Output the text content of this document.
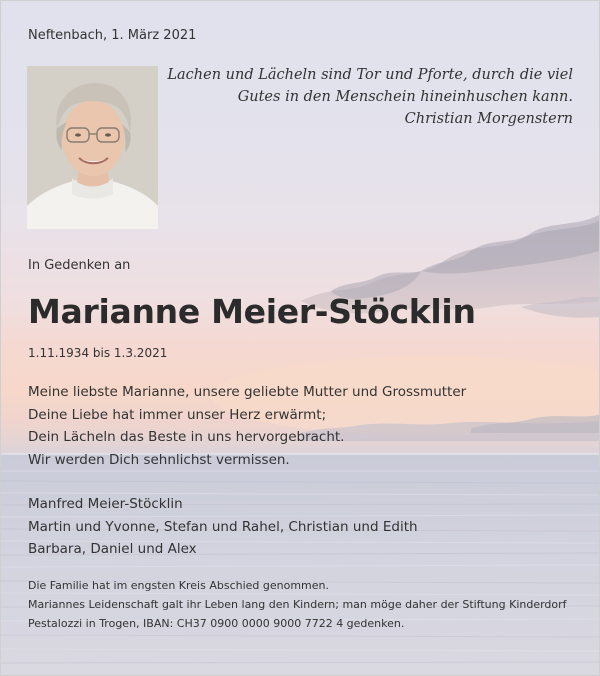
Neftenbach, 1. März 2021

Lachen und Lächeln sind Tor und Pforte, durch die viel
Gutes in den Menschein hineinhuschen kann.
Christian Morgenstern

In Gedenken an

Marianne Meier-Stöcklin

1.11.1934 bis 1.3.2021

Meine liebste Marianne, unsere geliebte Mutter und Grossmutter
Deine Liebe hat immer unser Herz erwärmt;
Dein Lächeln das Beste in uns hervorgebracht.
Wir werden Dich sehnlichst vermissen.
Manfred Meier-Stöcklin
Martin und Yvonne, Stefan und Rahel, Christian und Edith
Barbara, Daniel und Alex
Die Familie hat im engsten Kreis Abschied genommen.
Mariannes Leidenschaft galt ihr Leben lang den Kindern; man möge daher der Stiftung Kinderdorf
Pestalozzi in Trogen, IBAN: CH37 0900 0000 9000 7722 4 gedenken.
